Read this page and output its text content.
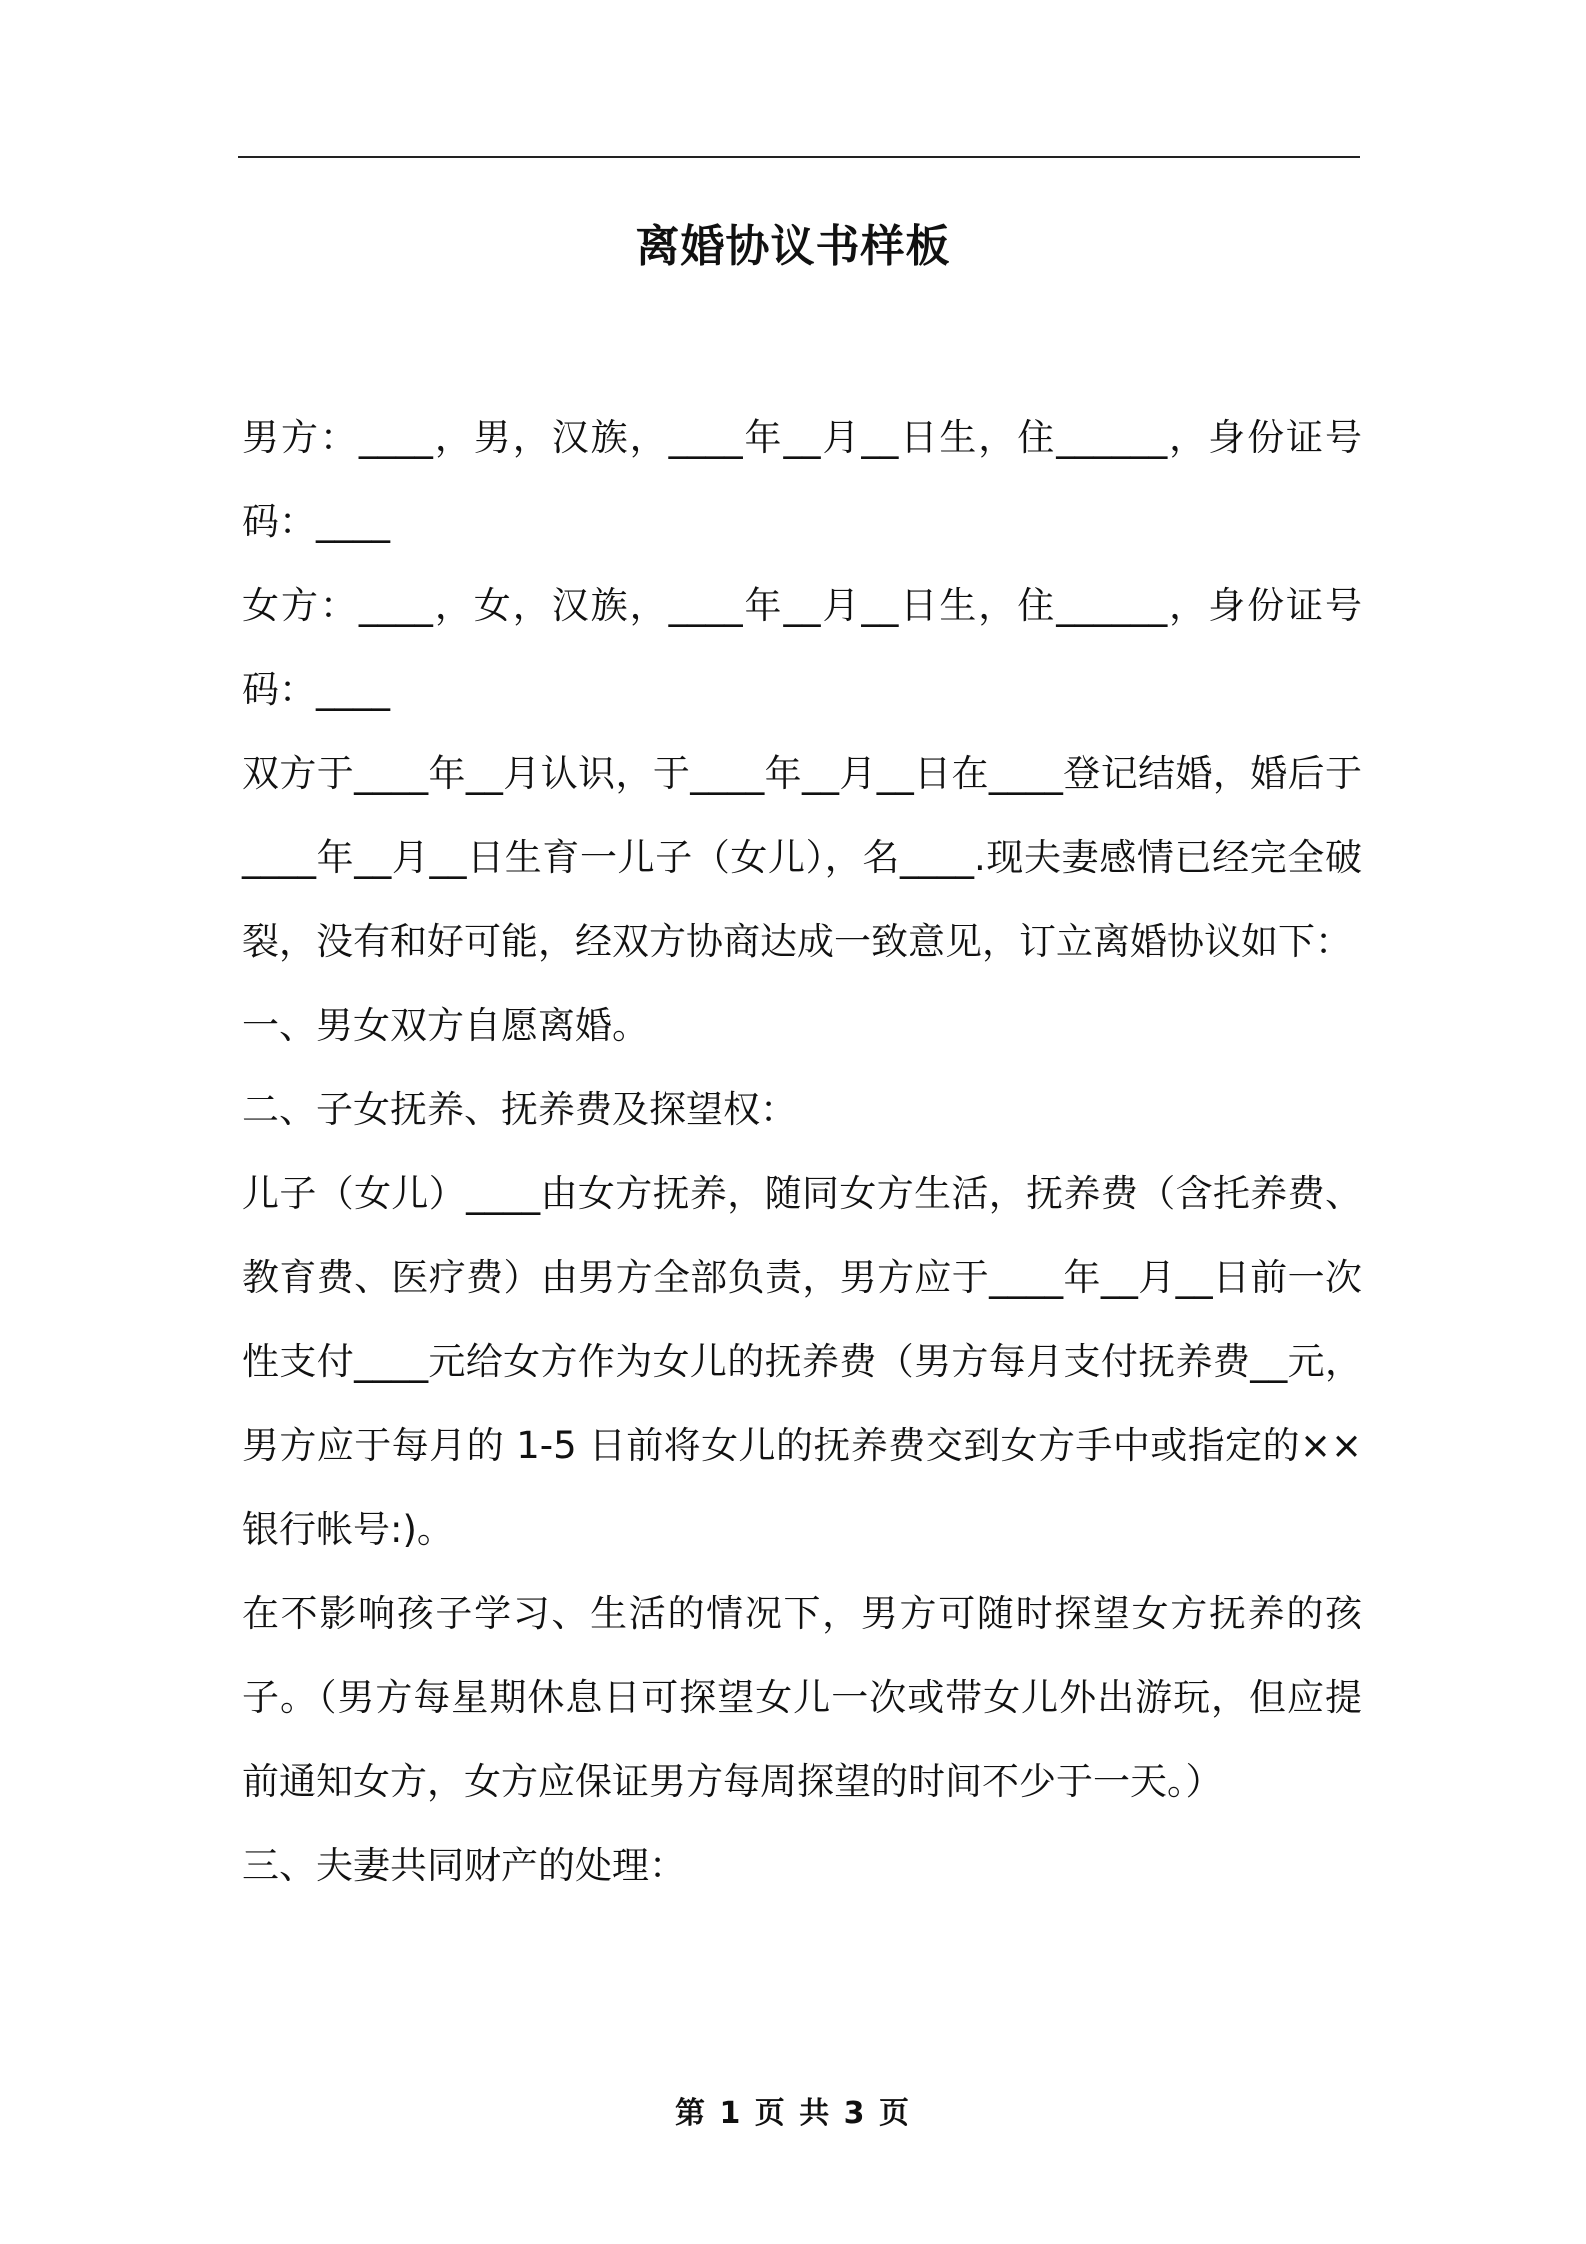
离婚协议书样板

男方：____，男，汉族，____年__月__日生，住______，身份证号码：____

女方：____，女，汉族，____年__月__日生，住______，身份证号码：____

双方于____年__月认识，于____年__月__日在____登记结婚，婚后于____年__月__日生育一儿子（女儿），名____.现夫妻感情已经完全破裂，没有和好可能，经双方协商达成一致意见，订立离婚协议如下：

一、男女双方自愿离婚。

二、子女抚养、抚养费及探望权：

儿子（女儿）____由女方抚养，随同女方生活，抚养费（含托养费、教育费、医疗费）由男方全部负责，男方应于____年__月__日前一次性支付____元给女方作为女儿的抚养费（男方每月支付抚养费__元，男方应于每月的 1-5 日前将女儿的抚养费交到女方手中或指定的××银行帐号:)。

在不影响孩子学习、生活的情况下，男方可随时探望女方抚养的孩子。（男方每星期休息日可探望女儿一次或带女儿外出游玩，但应提前通知女方，女方应保证男方每周探望的时间不少于一天。）

三、夫妻共同财产的处理：

第 1 页 共 3 页
